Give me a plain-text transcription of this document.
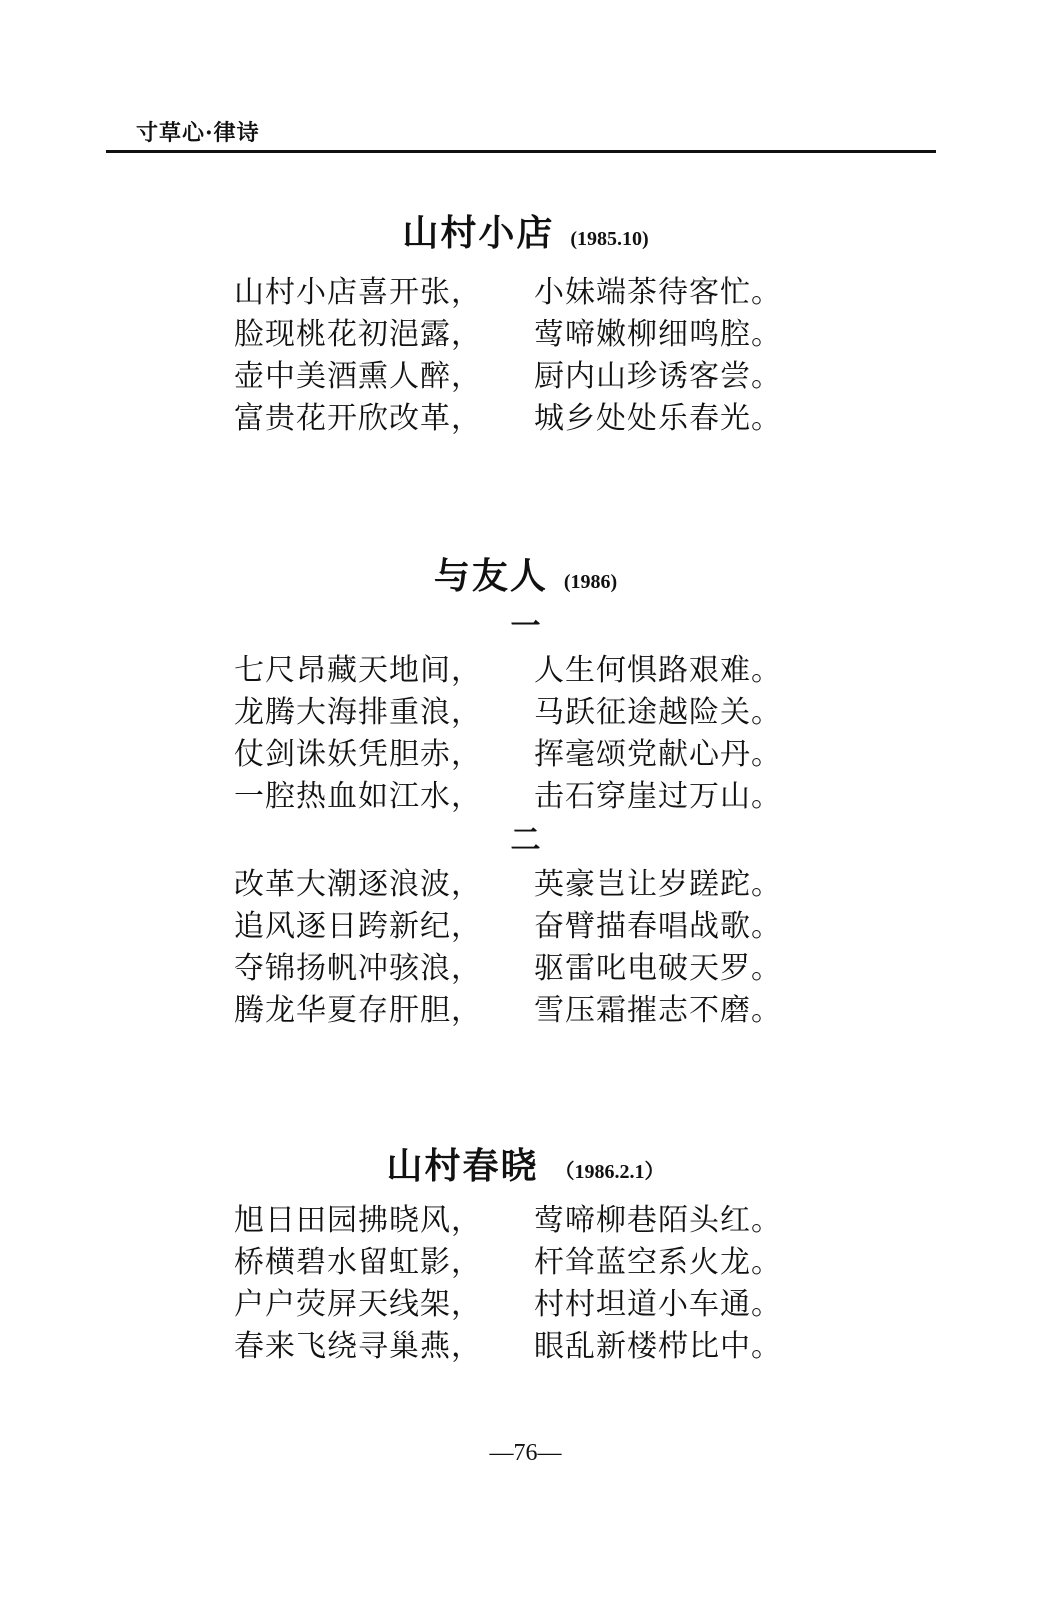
寸草心·律诗
山村小店 (1985.10)
山村小店喜开张， 小妹端茶待客忙。
脸现桃花初浥露， 莺啼嫩柳细鸣腔。
壶中美酒熏人醉， 厨内山珍诱客尝。
富贵花开欣改革， 城乡处处乐春光。
与友人 (1986)
一
七尺昂藏天地间， 人生何惧路艰难。
龙腾大海排重浪， 马跃征途越险关。
仗剑诛妖凭胆赤， 挥毫颂党献心丹。
一腔热血如江水， 击石穿崖过万山。
二
改革大潮逐浪波， 英豪岂让岁蹉跎。
追风逐日跨新纪， 奋臂描春唱战歌。
夺锦扬帆冲骇浪， 驱雷叱电破天罗。
腾龙华夏存肝胆， 雪压霜摧志不磨。
山村春晓 （1986.2.1）
旭日田园拂晓风， 莺啼柳巷陌头红。
桥横碧水留虹影， 杆耸蓝空系火龙。
户户荧屏天线架， 村村坦道小车通。
春来飞绕寻巢燕， 眼乱新楼栉比中。
—76—
